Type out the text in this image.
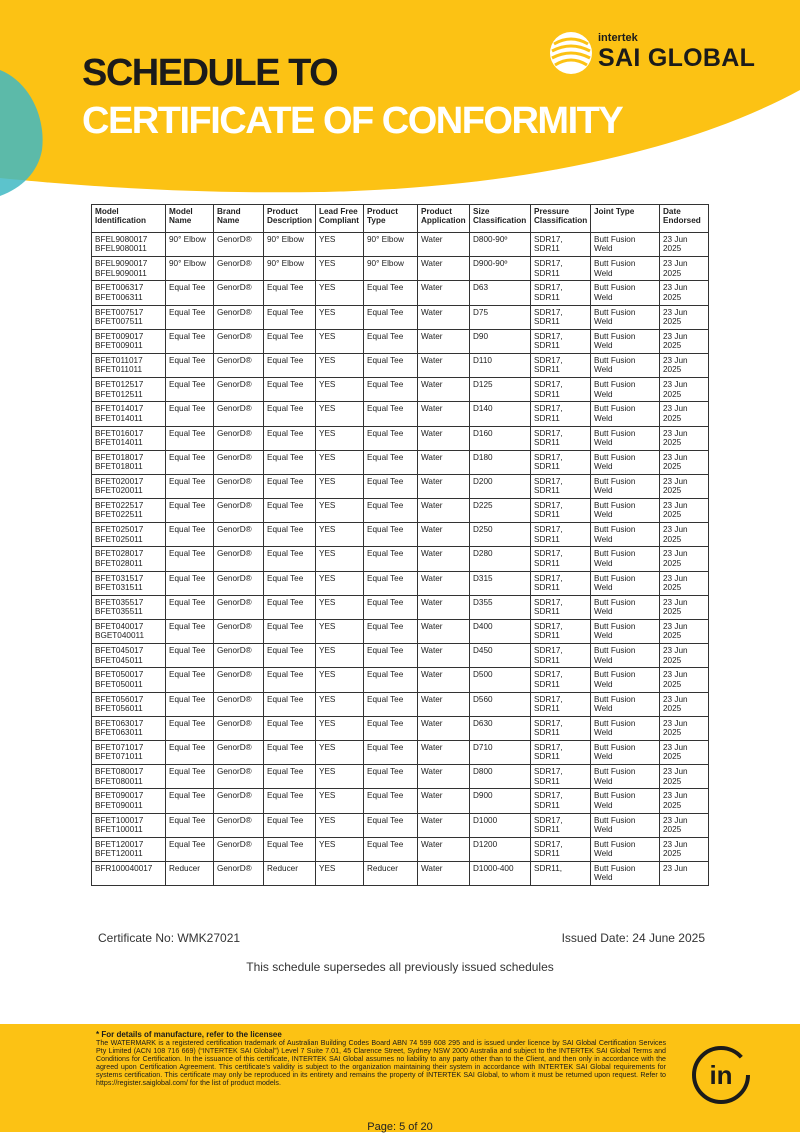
SCHEDULE TO
CERTIFICATE OF CONFORMITY
intertek
SAI GLOBAL
Model Identification	Model Name	Brand Name	Product Description	Lead Free Compliant	Product Type	Product Application	Size Classification	Pressure Classification	Joint Type	Date Endorsed
BFEL9080017 BFEL9080011	90° Elbow	GenorD®	90° Elbow	YES	90° Elbow	Water	D800-90º	SDR17, SDR11	Butt Fusion Weld	23 Jun 2025
BFEL9090017 BFEL9090011	90° Elbow	GenorD®	90° Elbow	YES	90° Elbow	Water	D900-90º	SDR17, SDR11	Butt Fusion Weld	23 Jun 2025
BFET006317 BFET006311	Equal Tee	GenorD®	Equal Tee	YES	Equal Tee	Water	D63	SDR17, SDR11	Butt Fusion Weld	23 Jun 2025
BFET007517 BFET007511	Equal Tee	GenorD®	Equal Tee	YES	Equal Tee	Water	D75	SDR17, SDR11	Butt Fusion Weld	23 Jun 2025
BFET009017 BFET009011	Equal Tee	GenorD®	Equal Tee	YES	Equal Tee	Water	D90	SDR17, SDR11	Butt Fusion Weld	23 Jun 2025
BFET011017 BFET011011	Equal Tee	GenorD®	Equal Tee	YES	Equal Tee	Water	D110	SDR17, SDR11	Butt Fusion Weld	23 Jun 2025
BFET012517 BFET012511	Equal Tee	GenorD®	Equal Tee	YES	Equal Tee	Water	D125	SDR17, SDR11	Butt Fusion Weld	23 Jun 2025
BFET014017 BFET014011	Equal Tee	GenorD®	Equal Tee	YES	Equal Tee	Water	D140	SDR17, SDR11	Butt Fusion Weld	23 Jun 2025
BFET016017 BFET014011	Equal Tee	GenorD®	Equal Tee	YES	Equal Tee	Water	D160	SDR17, SDR11	Butt Fusion Weld	23 Jun 2025
BFET018017 BFET018011	Equal Tee	GenorD®	Equal Tee	YES	Equal Tee	Water	D180	SDR17, SDR11	Butt Fusion Weld	23 Jun 2025
BFET020017 BFET020011	Equal Tee	GenorD®	Equal Tee	YES	Equal Tee	Water	D200	SDR17, SDR11	Butt Fusion Weld	23 Jun 2025
BFET022517 BFET022511	Equal Tee	GenorD®	Equal Tee	YES	Equal Tee	Water	D225	SDR17, SDR11	Butt Fusion Weld	23 Jun 2025
BFET025017 BFET025011	Equal Tee	GenorD®	Equal Tee	YES	Equal Tee	Water	D250	SDR17, SDR11	Butt Fusion Weld	23 Jun 2025
BFET028017 BFET028011	Equal Tee	GenorD®	Equal Tee	YES	Equal Tee	Water	D280	SDR17, SDR11	Butt Fusion Weld	23 Jun 2025
BFET031517 BFET031511	Equal Tee	GenorD®	Equal Tee	YES	Equal Tee	Water	D315	SDR17, SDR11	Butt Fusion Weld	23 Jun 2025
BFET035517 BFET035511	Equal Tee	GenorD®	Equal Tee	YES	Equal Tee	Water	D355	SDR17, SDR11	Butt Fusion Weld	23 Jun 2025
BFET040017 BGET040011	Equal Tee	GenorD®	Equal Tee	YES	Equal Tee	Water	D400	SDR17, SDR11	Butt Fusion Weld	23 Jun 2025
BFET045017 BFET045011	Equal Tee	GenorD®	Equal Tee	YES	Equal Tee	Water	D450	SDR17, SDR11	Butt Fusion Weld	23 Jun 2025
BFET050017 BFET050011	Equal Tee	GenorD®	Equal Tee	YES	Equal Tee	Water	D500	SDR17, SDR11	Butt Fusion Weld	23 Jun 2025
BFET056017 BFET056011	Equal Tee	GenorD®	Equal Tee	YES	Equal Tee	Water	D560	SDR17, SDR11	Butt Fusion Weld	23 Jun 2025
BFET063017 BFET063011	Equal Tee	GenorD®	Equal Tee	YES	Equal Tee	Water	D630	SDR17, SDR11	Butt Fusion Weld	23 Jun 2025
BFET071017 BFET071011	Equal Tee	GenorD®	Equal Tee	YES	Equal Tee	Water	D710	SDR17, SDR11	Butt Fusion Weld	23 Jun 2025
BFET080017 BFET080011	Equal Tee	GenorD®	Equal Tee	YES	Equal Tee	Water	D800	SDR17, SDR11	Butt Fusion Weld	23 Jun 2025
BFET090017 BFET090011	Equal Tee	GenorD®	Equal Tee	YES	Equal Tee	Water	D900	SDR17, SDR11	Butt Fusion Weld	23 Jun 2025
BFET100017 BFET100011	Equal Tee	GenorD®	Equal Tee	YES	Equal Tee	Water	D1000	SDR17, SDR11	Butt Fusion Weld	23 Jun 2025
BFET120017 BFET120011	Equal Tee	GenorD®	Equal Tee	YES	Equal Tee	Water	D1200	SDR17, SDR11	Butt Fusion Weld	23 Jun 2025
BFR100040017	Reducer	GenorD®	Reducer	YES	Reducer	Water	D1000-400	SDR11,	Butt Fusion Weld	23 Jun
Certificate No: WMK27021	Issued Date: 24 June 2025
This schedule supersedes all previously issued schedules
* For details of manufacture, refer to the licensee
The WATERMARK is a registered certification trademark of Australian Building Codes Board ABN 74 599 608 295 and is issued under licence by SAI Global Certification Services Pty Limited (ACN 108 716 669) (“INTERTEK SAI Global”) Level 7 Suite 7.01, 45 Clarence Street, Sydney NSW 2000 Australia and subject to the INTERTEK SAI Global Terms and Conditions for Certification. In the issuance of this certificate, INTERTEK SAI Global assumes no liability to any party other than to the Client, and then only in accordance with the agreed upon Certification Agreement. This certificate’s validity is subject to the organization maintaining their system in accordance with INTERTEK SAI Global requirements for systems certification. This certificate may only be reproduced in its entirety and remains the property of INTERTEK SAI Global, to whom it must be returned upon request. Refer to https://register.saiglobal.com/ for the list of product models.	in
Page: 5 of 20
